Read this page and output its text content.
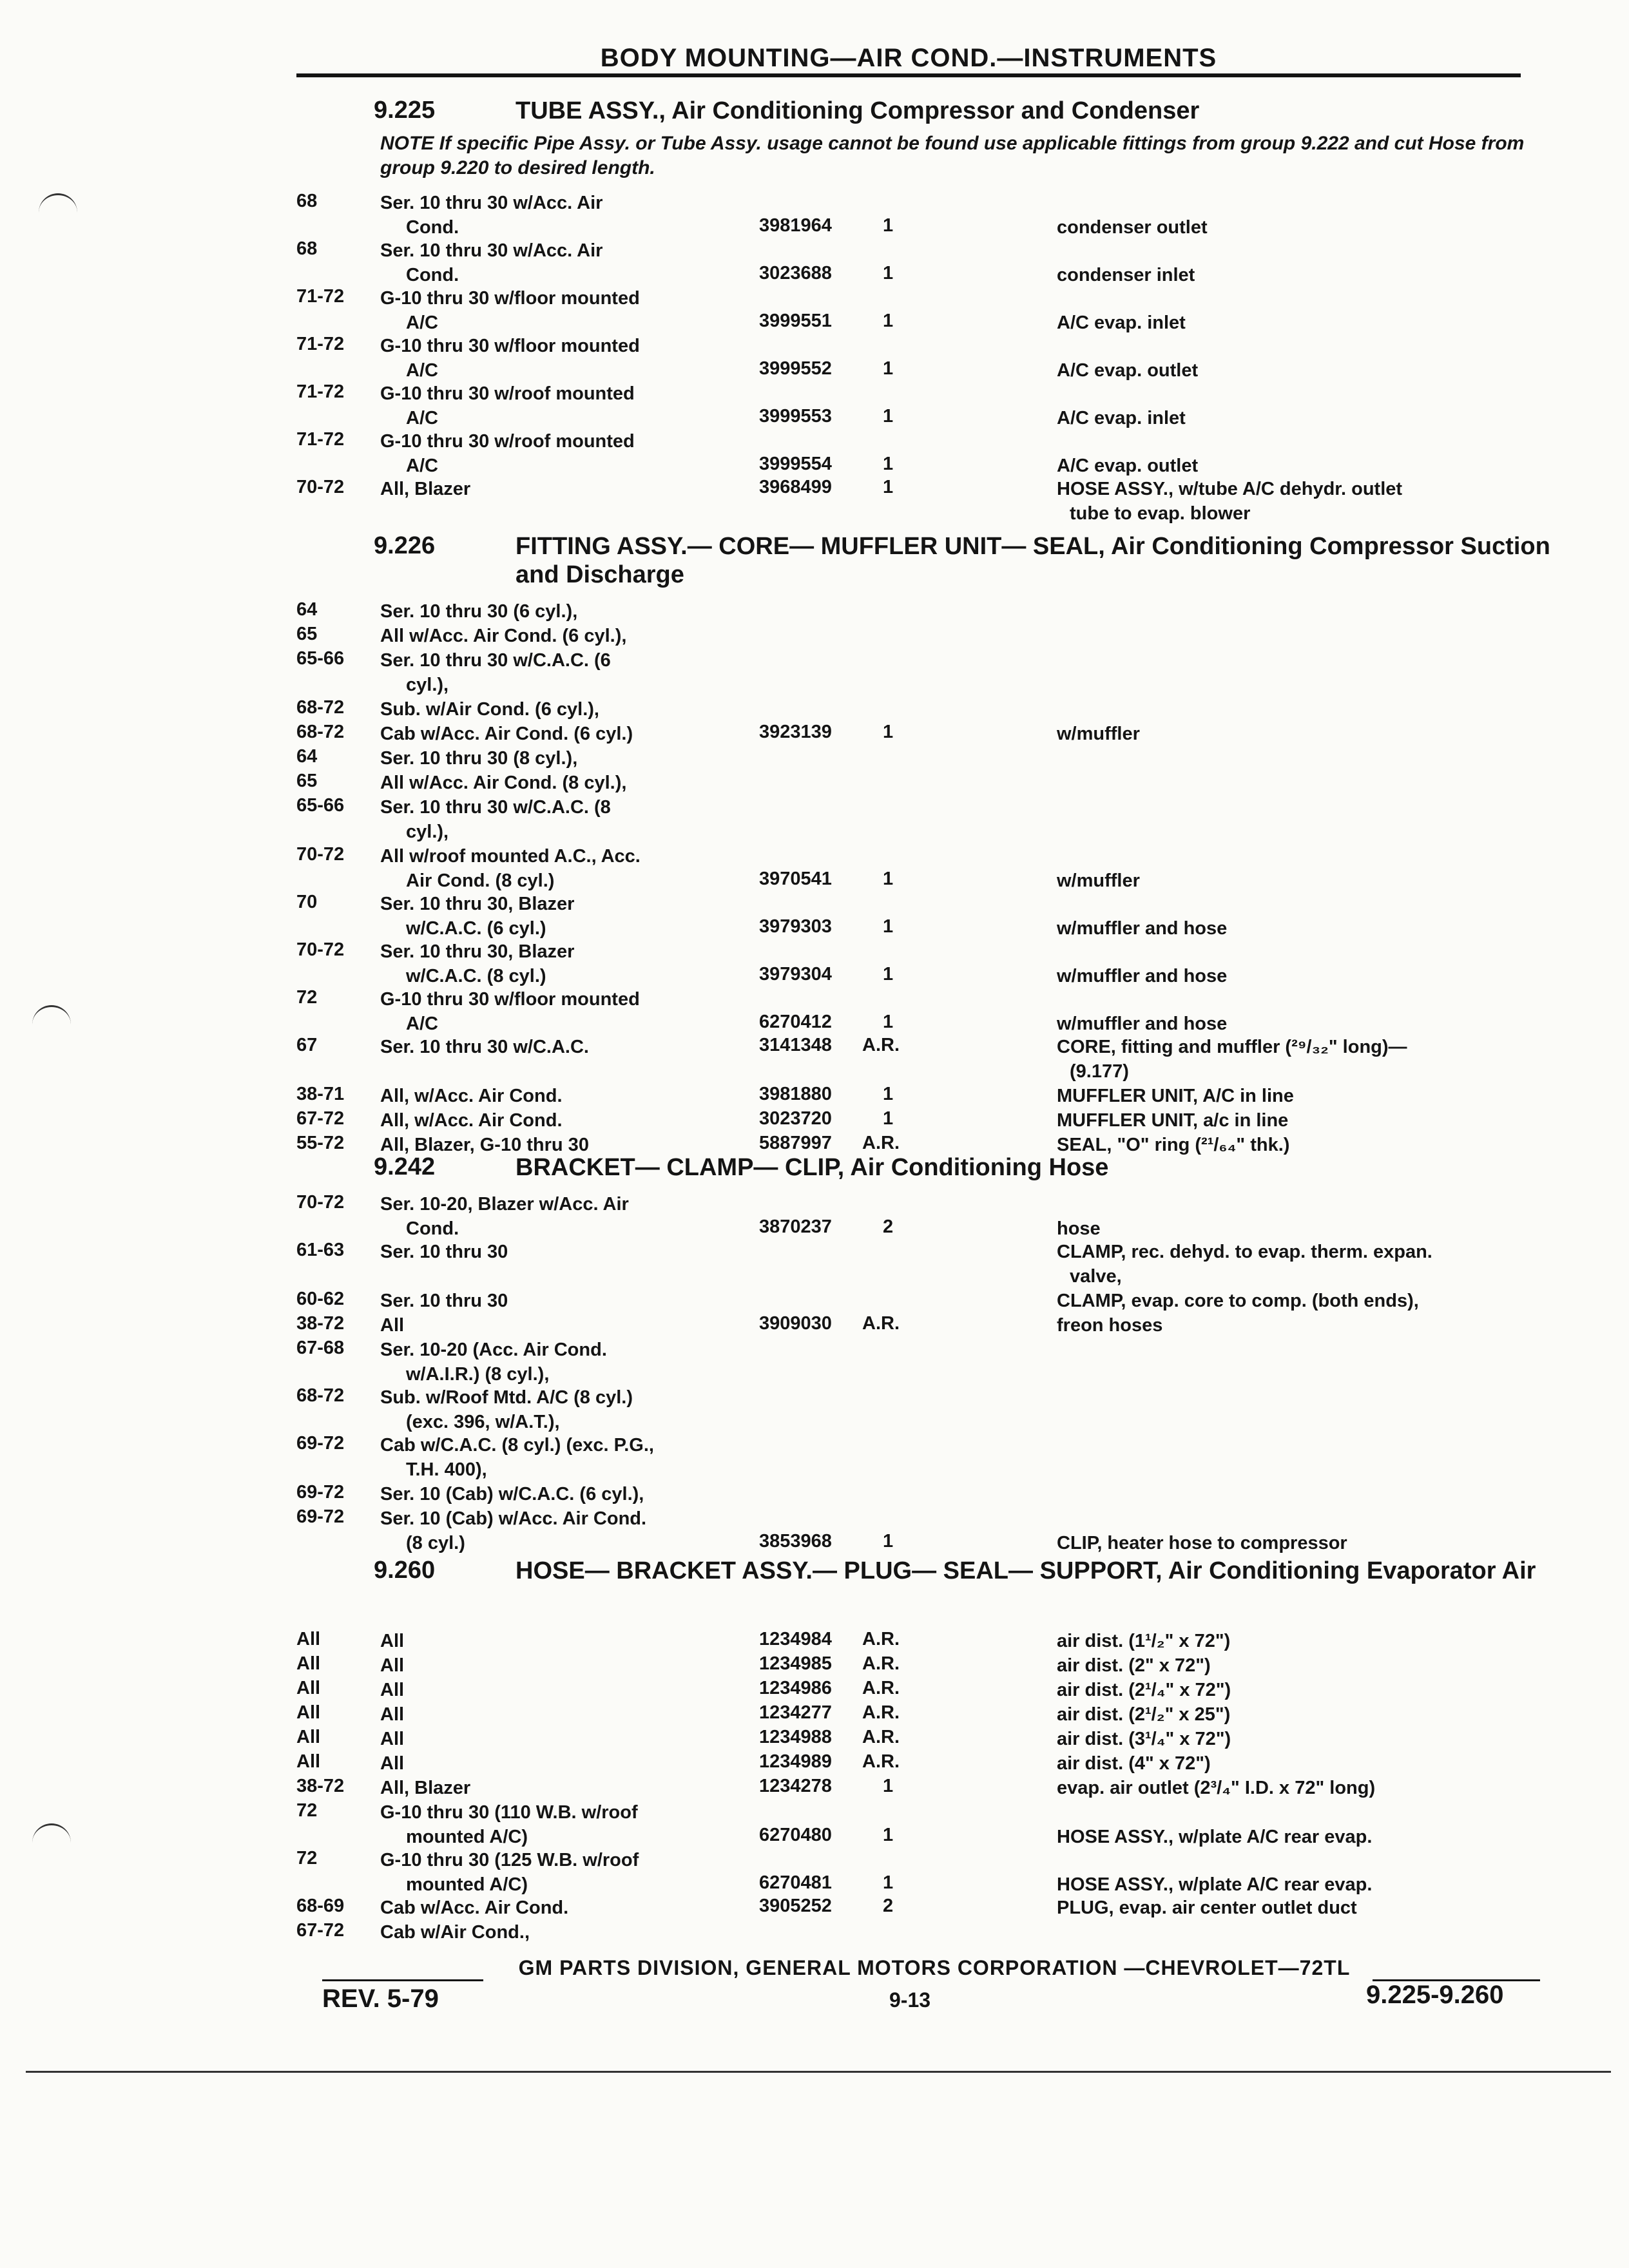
BODY MOUNTING—AIR COND.—INSTRUMENTS
9.225	TUBE ASSY., Air Conditioning Compressor and Condenser
NOTE If specific Pipe Assy. or Tube Assy. usage cannot be found use applicable fittings from group 9.222 and cut Hose from group 9.220 to desired length.
9.226	FITTING ASSY.— CORE— MUFFLER UNIT— SEAL, Air Conditioning Compressor Suction and Discharge
9.242	BRACKET— CLAMP— CLIP, Air Conditioning Hose
9.260	HOSE— BRACKET ASSY.— PLUG— SEAL— SUPPORT, Air Conditioning Evaporator Air
68	Ser. 10 thru 30 w/Acc. Air
Cond.	3981964	1	condenser outlet
68	Ser. 10 thru 30 w/Acc. Air
Cond.	3023688	1	condenser inlet
71-72	G-10 thru 30 w/floor mounted
A/C	3999551	1	A/C evap. inlet
71-72	G-10 thru 30 w/floor mounted
A/C	3999552	1	A/C evap. outlet
71-72	G-10 thru 30 w/roof mounted
A/C	3999553	1	A/C evap. inlet
71-72	G-10 thru 30 w/roof mounted
A/C	3999554	1	A/C evap. outlet
70-72	All, Blazer	3968499	1	HOSE ASSY., w/tube A/C dehydr. outlet
tube to evap. blower
64	Ser. 10 thru 30 (6 cyl.),
65	All w/Acc. Air Cond. (6 cyl.),
65-66	Ser. 10 thru 30 w/C.A.C. (6
cyl.),
68-72	Sub. w/Air Cond. (6 cyl.),
68-72	Cab w/Acc. Air Cond. (6 cyl.)	3923139	1	w/muffler
64	Ser. 10 thru 30 (8 cyl.),
65	All w/Acc. Air Cond. (8 cyl.),
65-66	Ser. 10 thru 30 w/C.A.C. (8
cyl.),
70-72	All w/roof mounted A.C., Acc.
Air Cond. (8 cyl.)	3970541	1	w/muffler
70	Ser. 10 thru 30, Blazer
w/C.A.C. (6 cyl.)	3979303	1	w/muffler and hose
70-72	Ser. 10 thru 30, Blazer
w/C.A.C. (8 cyl.)	3979304	1	w/muffler and hose
72	G-10 thru 30 w/floor mounted
A/C	6270412	1	w/muffler and hose
67	Ser. 10 thru 30 w/C.A.C.	3141348	A.R.	CORE, fitting and muffler (²⁹/₃₂" long)—
(9.177)
38-71	All, w/Acc. Air Cond.	3981880	1	MUFFLER UNIT, A/C in line
67-72	All, w/Acc. Air Cond.	3023720	1	MUFFLER UNIT, a/c in line
55-72	All, Blazer, G-10 thru 30	5887997	A.R.	SEAL, "O" ring (²¹/₆₄" thk.)
70-72	Ser. 10-20, Blazer w/Acc. Air
Cond.	3870237	2	hose
61-63	Ser. 10 thru 30	CLAMP, rec. dehyd. to evap. therm. expan.
valve,
60-62	Ser. 10 thru 30	CLAMP, evap. core to comp. (both ends),
38-72	All	3909030	A.R.	freon hoses
67-68	Ser. 10-20 (Acc. Air Cond.
w/A.I.R.) (8 cyl.),
68-72	Sub. w/Roof Mtd. A/C (8 cyl.)
(exc. 396, w/A.T.),
69-72	Cab w/C.A.C. (8 cyl.) (exc. P.G.,
T.H. 400),
69-72	Ser. 10 (Cab) w/C.A.C. (6 cyl.),
69-72	Ser. 10 (Cab) w/Acc. Air Cond.
(8 cyl.)	3853968	1	CLIP, heater hose to compressor
All	All	1234984	A.R.	air dist. (1¹/₂" x 72")
All	All	1234985	A.R.	air dist. (2" x 72")
All	All	1234986	A.R.	air dist. (2¹/₄" x 72")
All	All	1234277	A.R.	air dist. (2¹/₂" x 25")
All	All	1234988	A.R.	air dist. (3¹/₄" x 72")
All	All	1234989	A.R.	air dist. (4" x 72")
38-72	All, Blazer	1234278	1	evap. air outlet (2³/₄" I.D. x 72" long)
72	G-10 thru 30 (110 W.B. w/roof
mounted A/C)	6270480	1	HOSE ASSY., w/plate A/C rear evap.
72	G-10 thru 30 (125 W.B. w/roof
mounted A/C)	6270481	1	HOSE ASSY., w/plate A/C rear evap.
68-69	Cab w/Acc. Air Cond.	3905252	2	PLUG, evap. air center outlet duct
67-72	Cab w/Air Cond.,
GM PARTS DIVISION, GENERAL MOTORS CORPORATION —CHEVROLET—72TL
REV. 5-79	9-13	9.225-9.260
